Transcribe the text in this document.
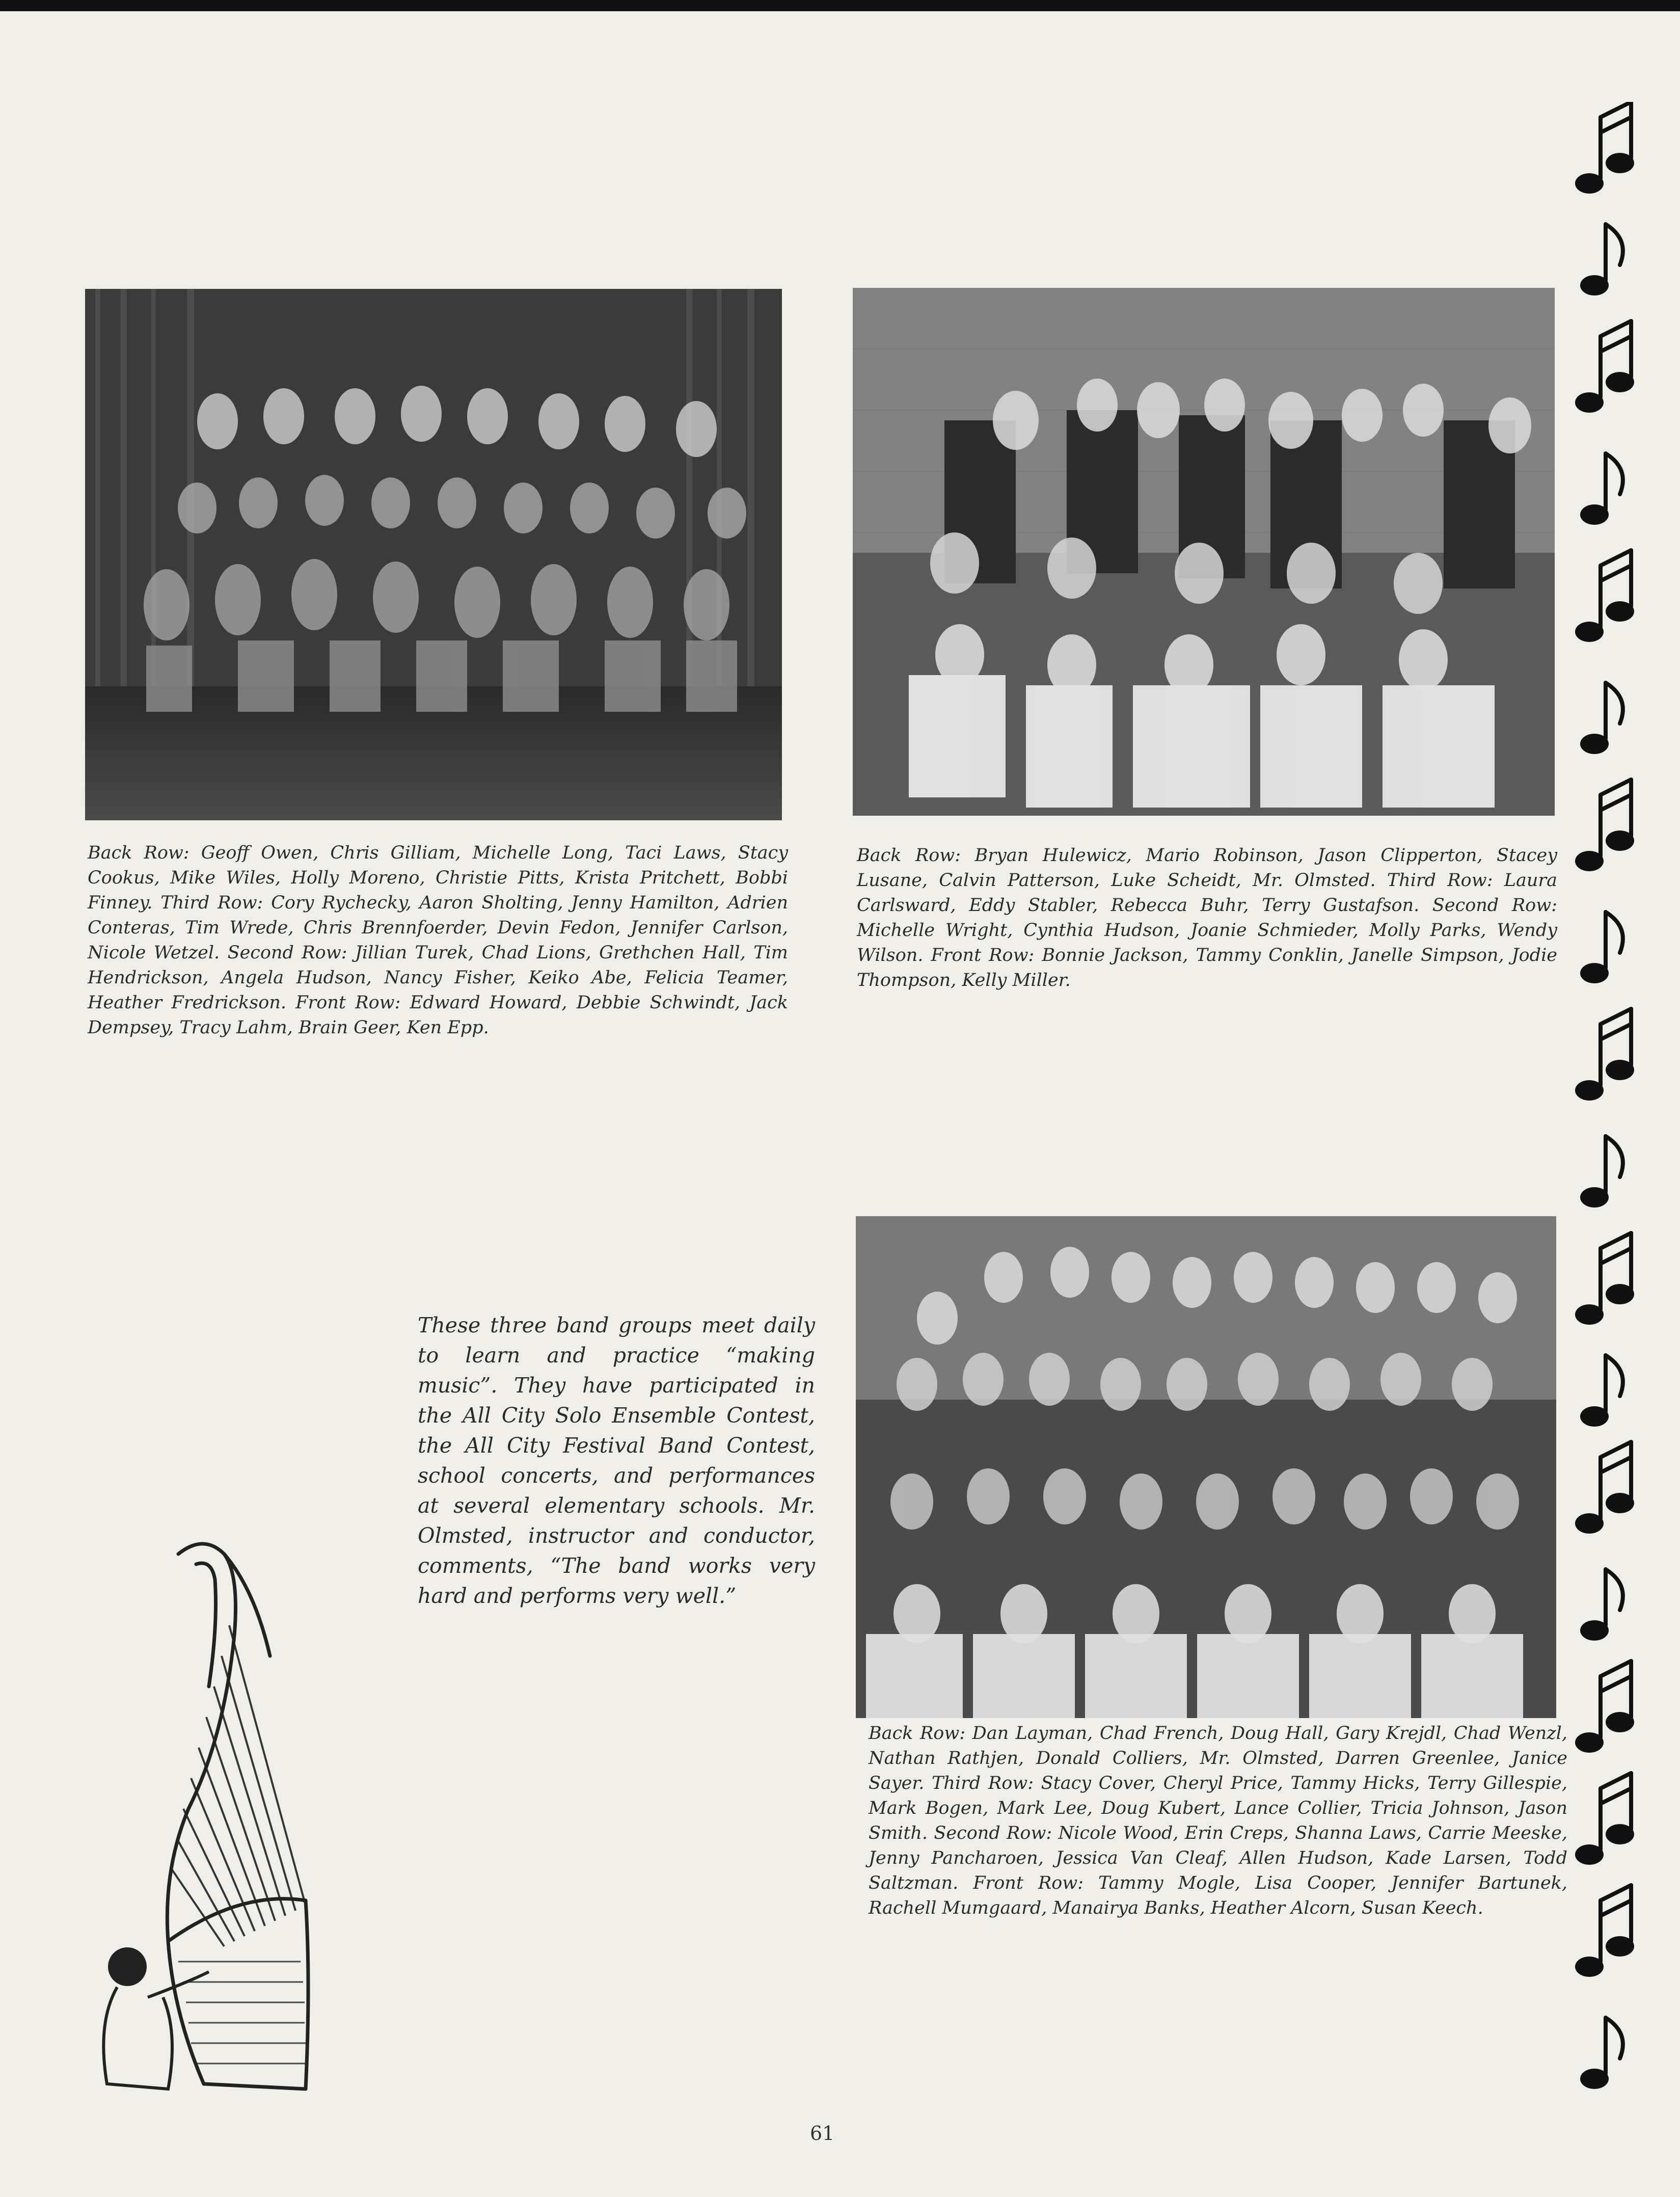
Back Row: Geoff Owen, Chris Gilliam, Michelle Long, Taci Laws, Stacy Cookus, Mike Wiles, Holly Moreno, Christie Pitts, Krista Pritchett, Bobbi Finney. Third Row: Cory Rychecky, Aaron Sholting, Jenny Hamilton, Adrien Conteras, Tim Wrede, Chris Brennfoerder, Devin Fedon, Jennifer Carlson, Nicole Wetzel. Second Row: Jillian Turek, Chad Lions, Grethchen Hall, Tim Hendrickson, Angela Hudson, Nancy Fisher, Keiko Abe, Felicia Teamer, Heather Fredrickson. Front Row: Edward Howard, Debbie Schwindt, Jack Dempsey, Tracy Lahm, Brain Geer, Ken Epp.

Back Row: Bryan Hulewicz, Mario Robinson, Jason Clipperton, Stacey Lusane, Calvin Patterson, Luke Scheidt, Mr. Olmsted. Third Row: Laura Carlsward, Eddy Stabler, Rebecca Buhr, Terry Gustafson. Second Row: Michelle Wright, Cynthia Hudson, Joanie Schmieder, Molly Parks, Wendy Wilson. Front Row: Bonnie Jackson, Tammy Conklin, Janelle Simpson, Jodie Thompson, Kelly Miller.

These three band groups meet daily to learn and practice “making music”. They have participated in the All City Solo Ensemble Contest, the All City Festival Band Contest, school concerts, and performances at several elementary schools. Mr. Olmsted, instructor and conductor, comments, “The band works very hard and performs very well.”

Back Row: Dan Layman, Chad French, Doug Hall, Gary Krejdl, Chad Wenzl, Nathan Rathjen, Donald Colliers, Mr. Olmsted, Darren Greenlee, Janice Sayer. Third Row: Stacy Cover, Cheryl Price, Tammy Hicks, Terry Gillespie, Mark Bogen, Mark Lee, Doug Kubert, Lance Collier, Tricia Johnson, Jason Smith. Second Row: Nicole Wood, Erin Creps, Shanna Laws, Carrie Meeske, Jenny Pancharoen, Jessica Van Cleaf, Allen Hudson, Kade Larsen, Todd Saltzman. Front Row: Tammy Mogle, Lisa Cooper, Jennifer Bartunek, Rachell Mumgaard, Manairya Banks, Heather Alcorn, Susan Keech.

61
